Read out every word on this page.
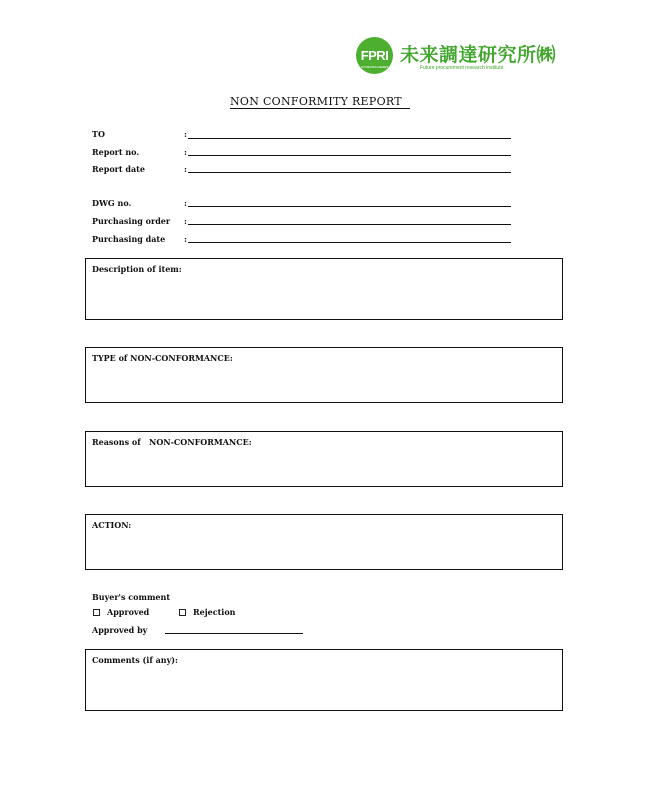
FPRI
FUTURE PROCUREMENT
未来調達研究所㈱
Future procurement research institute
NON CONFORMITY REPORT
TO	:
Report no.	:
Report date	:
DWG no.	:
Purchasing order :
Purchasing date :
Description of item:
TYPE of NON-CONFORMANCE:
Reasons of   NON-CONFORMANCE:
ACTION:
Buyer's comment
Approved	Rejection
Approved by
Comments (if any):
